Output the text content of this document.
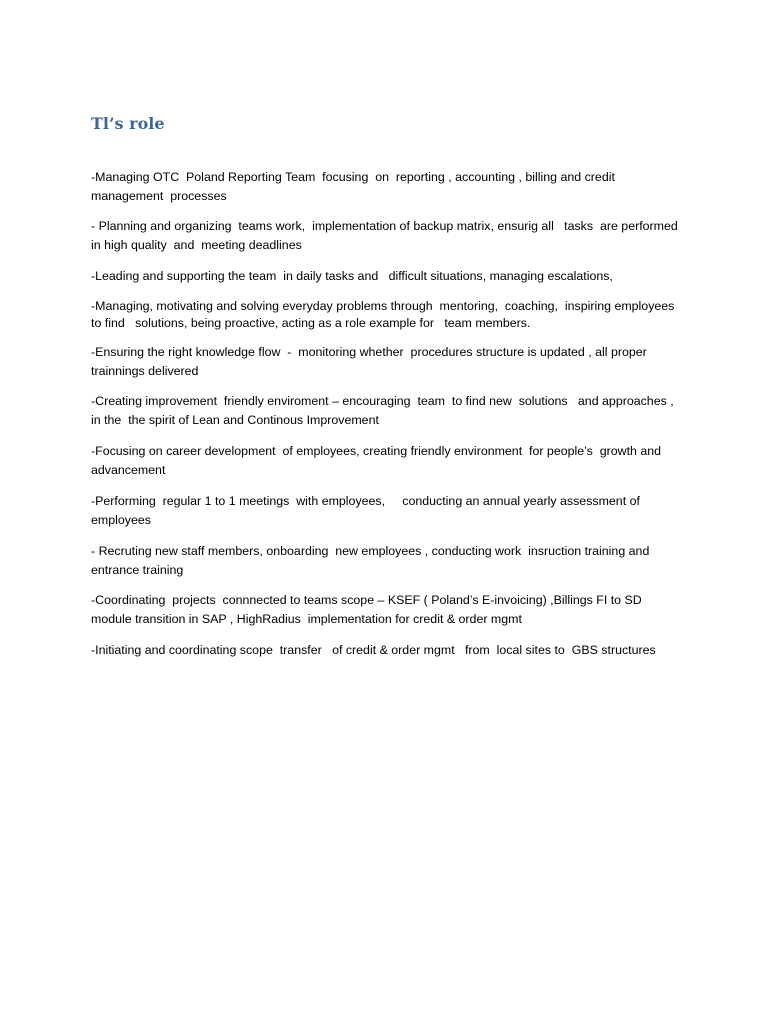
Tl’s role

-Managing OTC  Poland Reporting Team  focusing  on  reporting , accounting , billing and credit management  processes

- Planning and organizing  teams work,  implementation of backup matrix, ensurig all   tasks  are performed in high quality  and  meeting deadlines

-Leading and supporting the team  in daily tasks and   difficult situations, managing escalations,

-Managing, motivating and solving everyday problems through  mentoring,  coaching,  inspiring employees to find   solutions, being proactive, acting as a role example for   team members.

-Ensuring the right knowledge flow  -  monitoring whether  procedures structure is updated , all proper  trainnings delivered

-Creating improvement  friendly enviroment – encouraging  team  to find new  solutions   and approaches , in the  the spirit of Lean and Continous Improvement

-Focusing on career development  of employees, creating friendly environment  for people’s  growth and advancement

-Performing  regular 1 to 1 meetings  with employees,     conducting an annual yearly assessment of employees

- Recruting new staff members, onboarding  new employees , conducting work  insruction training and  entrance training

-Coordinating  projects  connnected to teams scope – KSEF ( Poland’s E-invoicing) ,Billings FI to SD module transition in SAP , HighRadius  implementation for credit & order mgmt

-Initiating and coordinating scope  transfer   of credit & order mgmt   from  local sites to  GBS structures
